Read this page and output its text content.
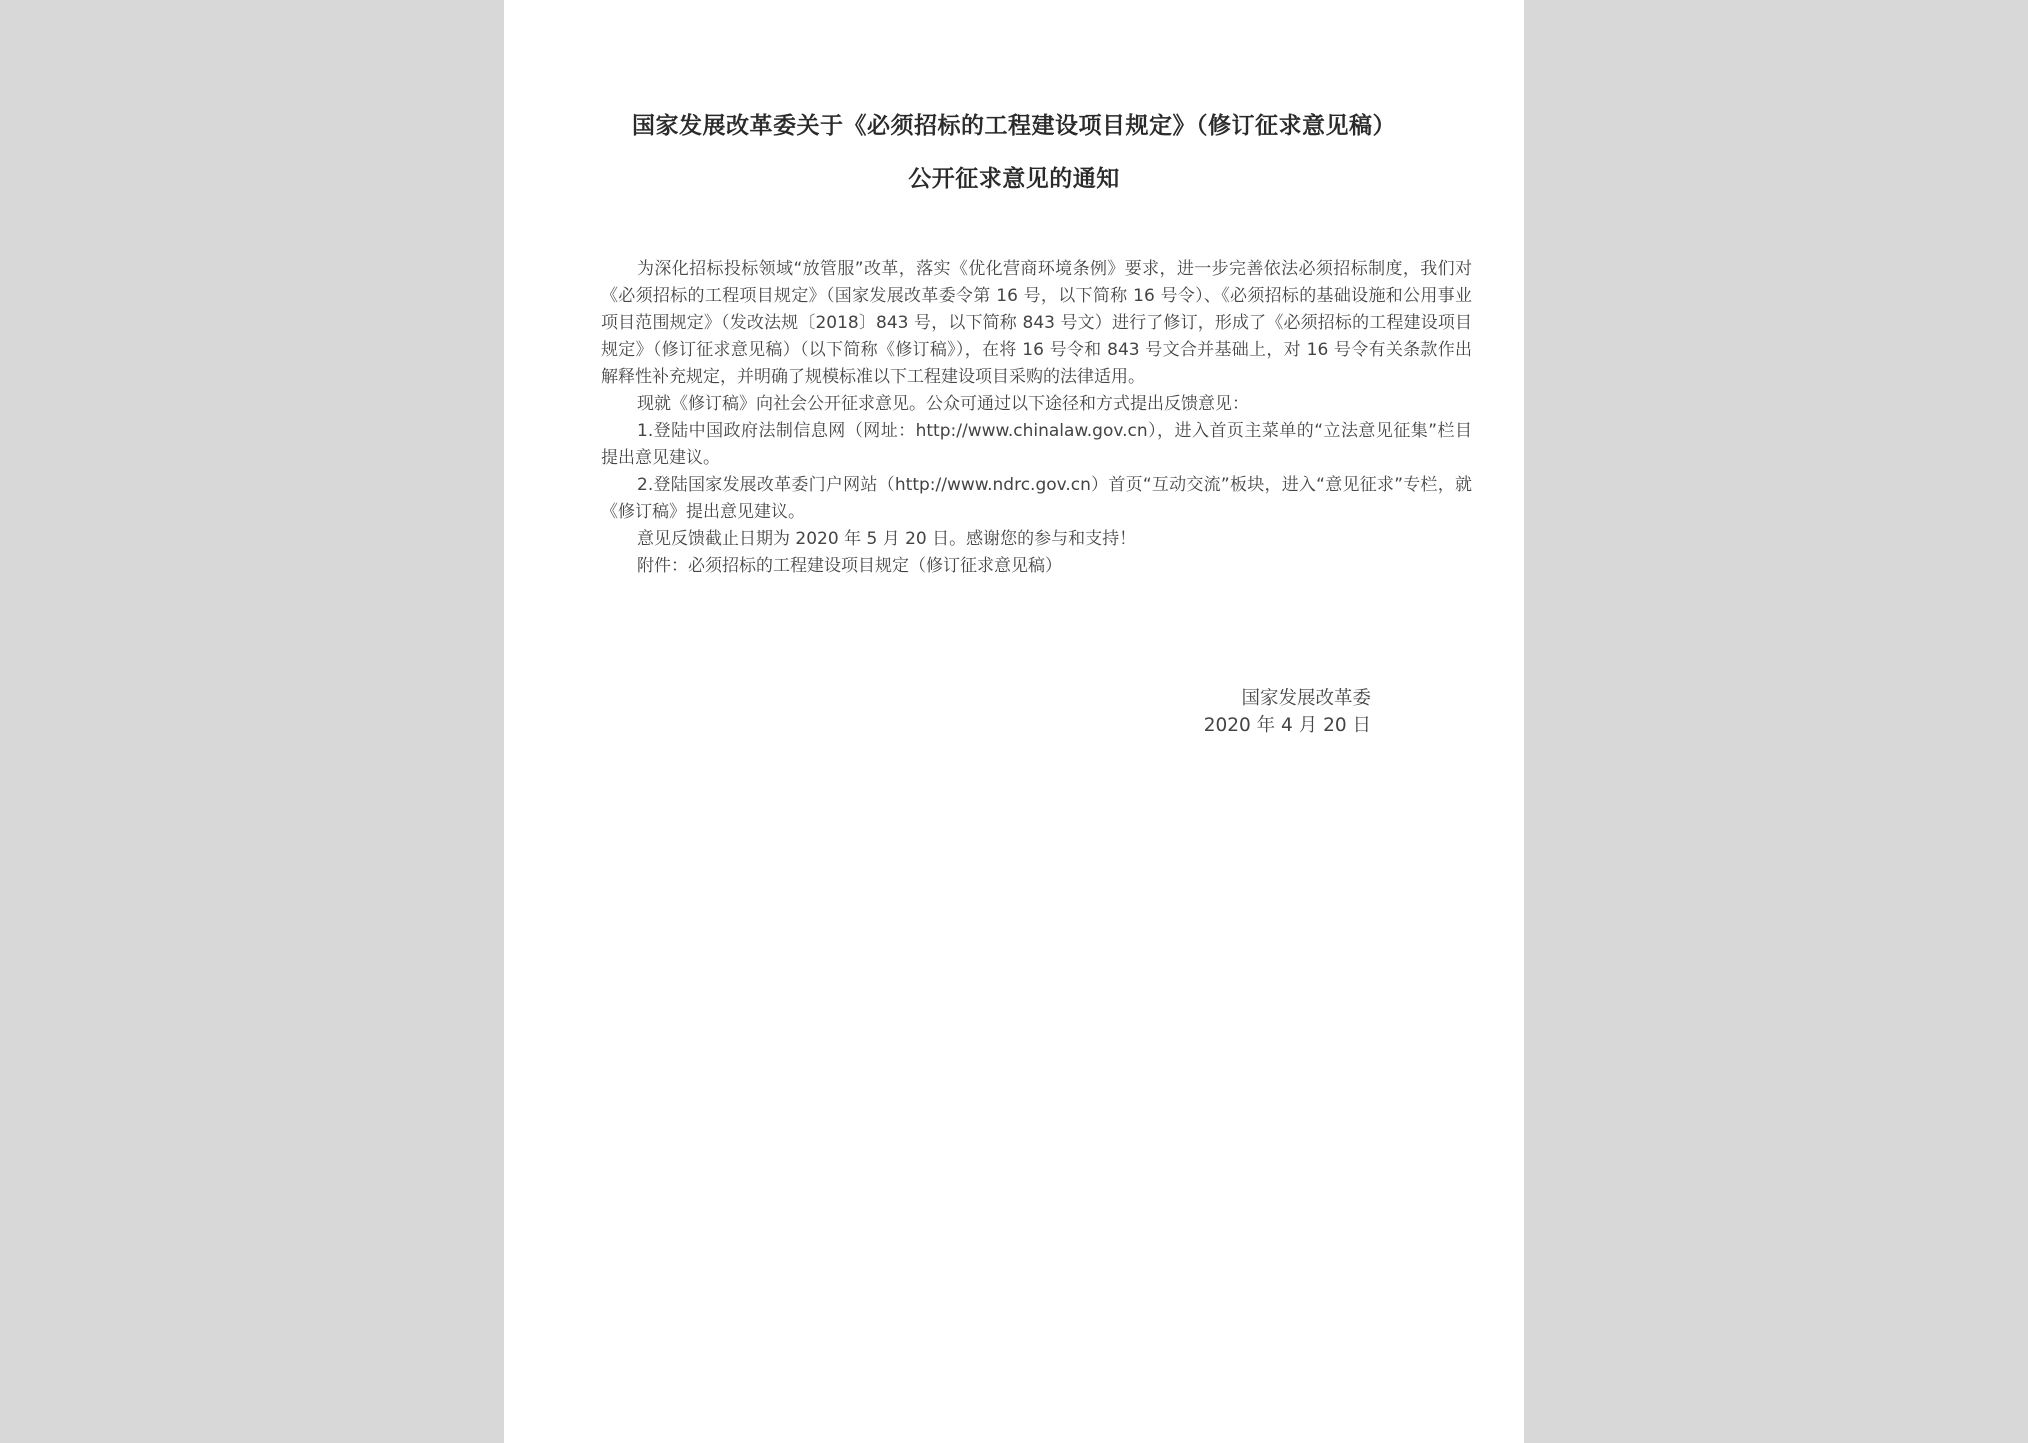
国家发展改革委关于《必须招标的工程建设项目规定》（修订征求意见稿）
公开征求意见的通知

为深化招标投标领域“放管服”改革，落实《优化营商环境条例》要求，进一步完善依法必须招标制度，我们对《必须招标的工程项目规定》（国家发展改革委令第 16 号，以下简称 16 号令）、《必须招标的基础设施和公用事业项目范围规定》（发改法规〔2018〕843 号，以下简称 843 号文）进行了修订，形成了《必须招标的工程建设项目规定》（修订征求意见稿）（以下简称《修订稿》），在将 16 号令和 843 号文合并基础上，对 16 号令有关条款作出解释性补充规定，并明确了规模标准以下工程建设项目采购的法律适用。

现就《修订稿》向社会公开征求意见。公众可通过以下途径和方式提出反馈意见：

1.登陆中国政府法制信息网（网址：http://www.chinalaw.gov.cn），进入首页主菜单的“立法意见征集”栏目提出意见建议。

2.登陆国家发展改革委门户网站（http://www.ndrc.gov.cn）首页“互动交流”板块，进入“意见征求”专栏，就《修订稿》提出意见建议。

意见反馈截止日期为 2020 年 5 月 20 日。感谢您的参与和支持！

附件：必须招标的工程建设项目规定（修订征求意见稿）

国家发展改革委
2020 年 4 月 20 日
